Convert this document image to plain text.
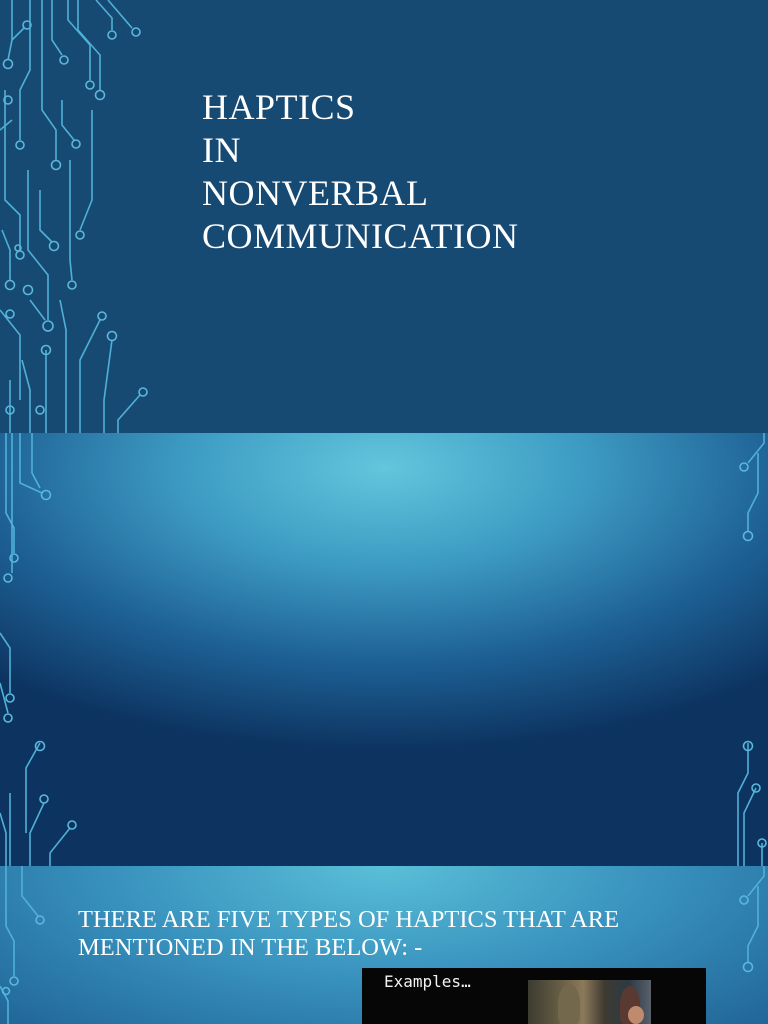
HAPTICS
IN
NONVERBAL
COMMUNICATION

THERE ARE FIVE TYPES OF HAPTICS THAT ARE
MENTIONED IN THE BELOW: -

Examples…
